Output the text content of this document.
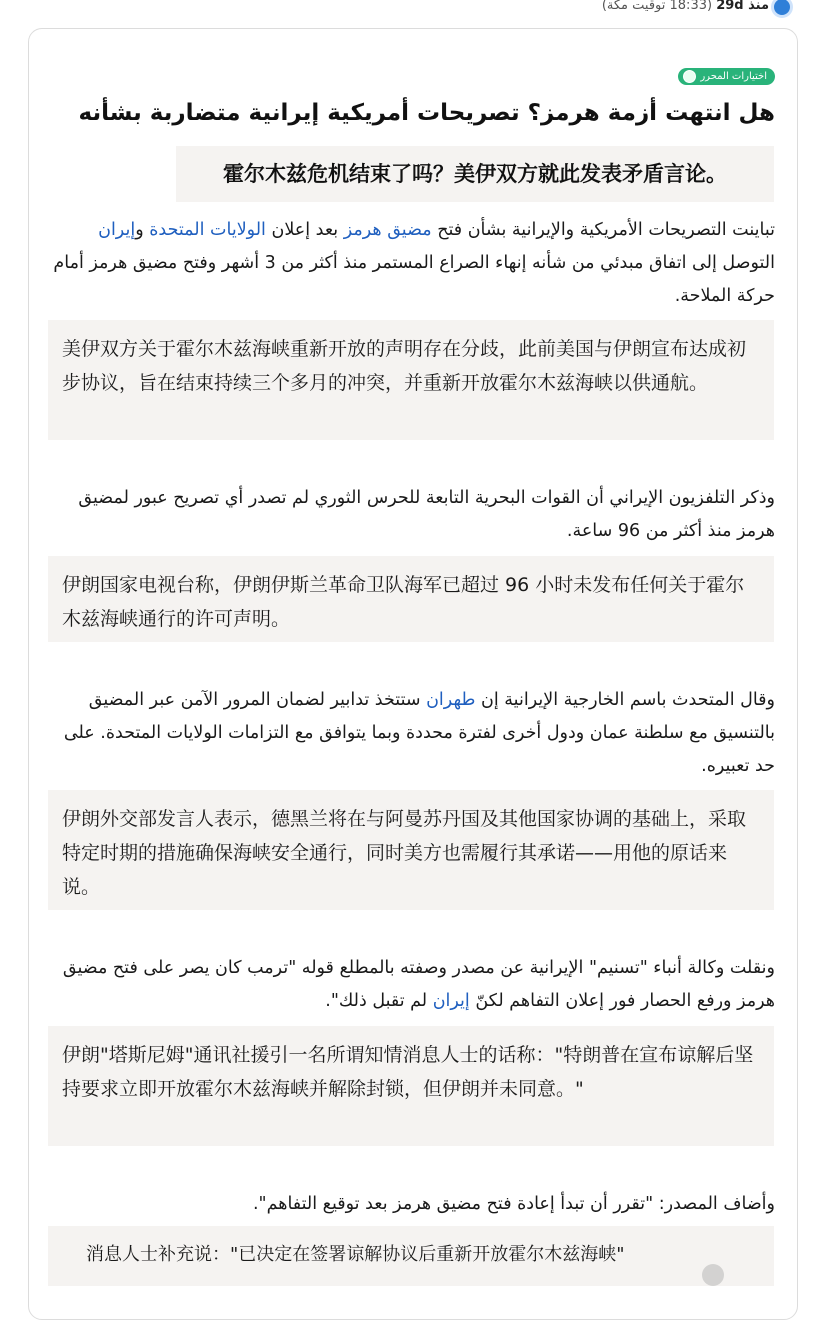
منذ 29d (18:33 توقيت مكة)
اختيارات المحرر
هل انتهت أزمة هرمز؟ تصريحات أمريكية إيرانية متضاربة بشأنه
霍尔木兹危机结束了吗？美伊双方就此发表矛盾言论。
تباينت التصريحات الأمريكية والإيرانية بشأن فتح مضيق هرمز بعد إعلان الولايات المتحدة وإيران التوصل إلى اتفاق مبدئي من شأنه إنهاء الصراع المستمر منذ أكثر من 3 أشهر وفتح مضيق هرمز أمام حركة الملاحة.
美伊双方关于霍尔木兹海峡重新开放的声明存在分歧，此前美国与伊朗宣布达成初步协议，旨在结束持续三个多月的冲突，并重新开放霍尔木兹海峡以供通航。
وذكر التلفزيون الإيراني أن القوات البحرية التابعة للحرس الثوري لم تصدر أي تصريح عبور لمضيق هرمز منذ أكثر من 96 ساعة.
伊朗国家电视台称，伊朗伊斯兰革命卫队海军已超过 96 小时未发布任何关于霍尔木兹海峡通行的许可声明。
وقال المتحدث باسم الخارجية الإيرانية إن طهران ستتخذ تدابير لضمان المرور الآمن عبر المضيق بالتنسيق مع سلطنة عمان ودول أخرى لفترة محددة وبما يتوافق مع التزامات الولايات المتحدة. على حد تعبيره.
伊朗外交部发言人表示，德黑兰将在与阿曼苏丹国及其他国家协调的基础上，采取特定时期的措施确保海峡安全通行，同时美方也需履行其承诺——用他的原话来说。
ونقلت وكالة أنباء "تسنيم" الإيرانية عن مصدر وصفته بالمطلع قوله "ترمب كان يصر على فتح مضيق هرمز ورفع الحصار فور إعلان التفاهم لكنّ إيران لم تقبل ذلك".
伊朗"塔斯尼姆"通讯社援引一名所谓知情消息人士的话称："特朗普在宣布谅解后坚持要求立即开放霍尔木兹海峡并解除封锁，但伊朗并未同意。"
وأضاف المصدر: "تقرر أن تبدأ إعادة فتح مضيق هرمز بعد توقيع التفاهم".
消息人士补充说："已决定在签署谅解协议后重新开放霍尔木兹海峡"
